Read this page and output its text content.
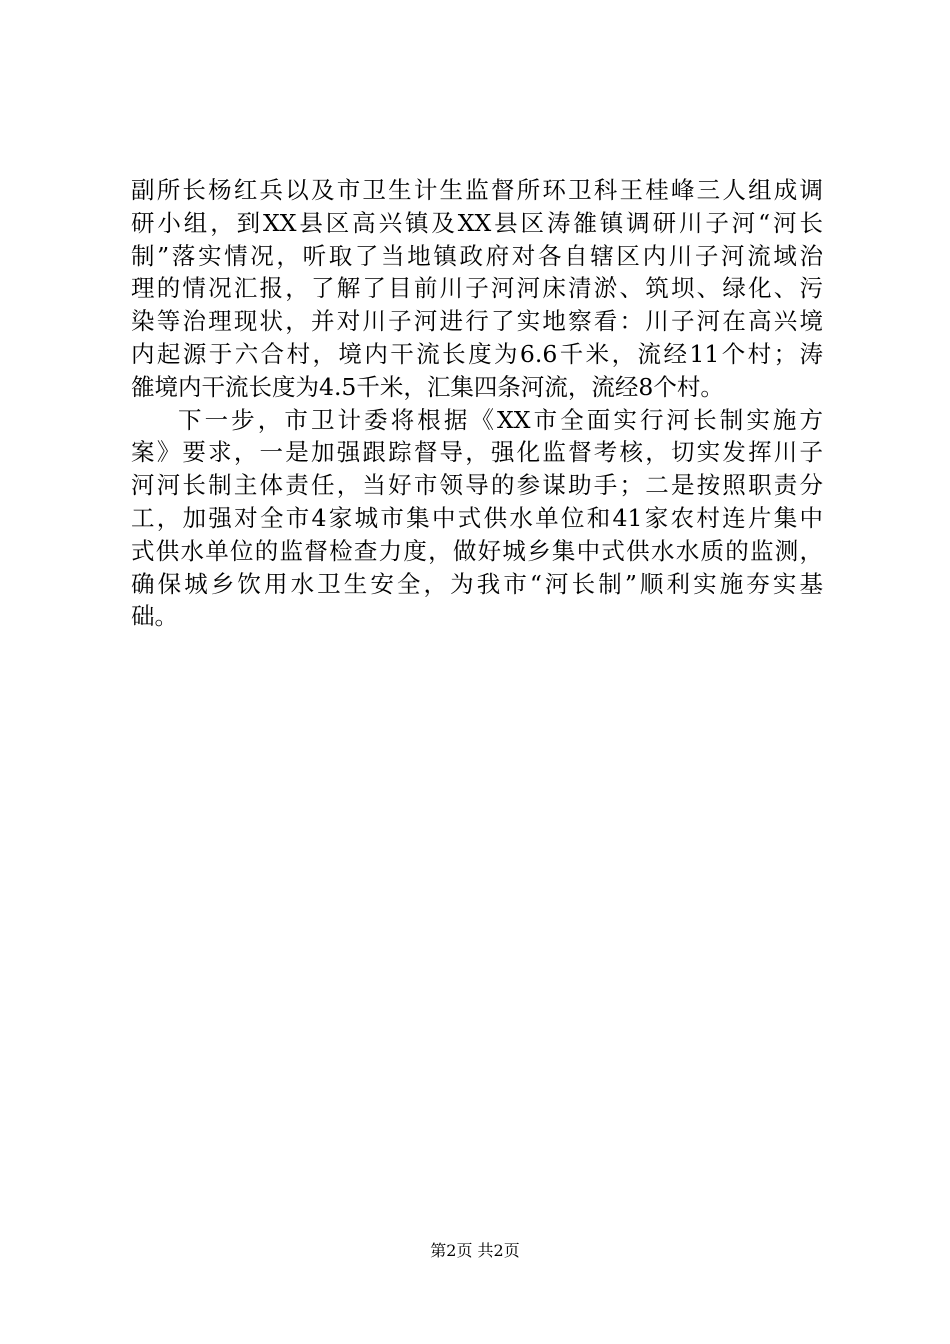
副所长杨红兵以及市卫生计生监督所环卫科王桂峰三人组成调
研小组，到XX县区高兴镇及XX县区涛雒镇调研川子河“河长
制”落实情况，听取了当地镇政府对各自辖区内川子河流域治
理的情况汇报，了解了目前川子河河床清淤、筑坝、绿化、污
染等治理现状，并对川子河进行了实地察看：川子河在高兴境
内起源于六合村，境内干流长度为6.6千米，流经11个村；涛
雒境内干流长度为4.5千米，汇集四条河流，流经8个村。
下一步，市卫计委将根据《XX市全面实行河长制实施方
案》要求，一是加强跟踪督导，强化监督考核，切实发挥川子
河河长制主体责任，当好市领导的参谋助手；二是按照职责分
工，加强对全市4家城市集中式供水单位和41家农村连片集中
式供水单位的监督检查力度，做好城乡集中式供水水质的监测，
确保城乡饮用水卫生安全，为我市“河长制”顺利实施夯实基
础。
第2页 共2页
